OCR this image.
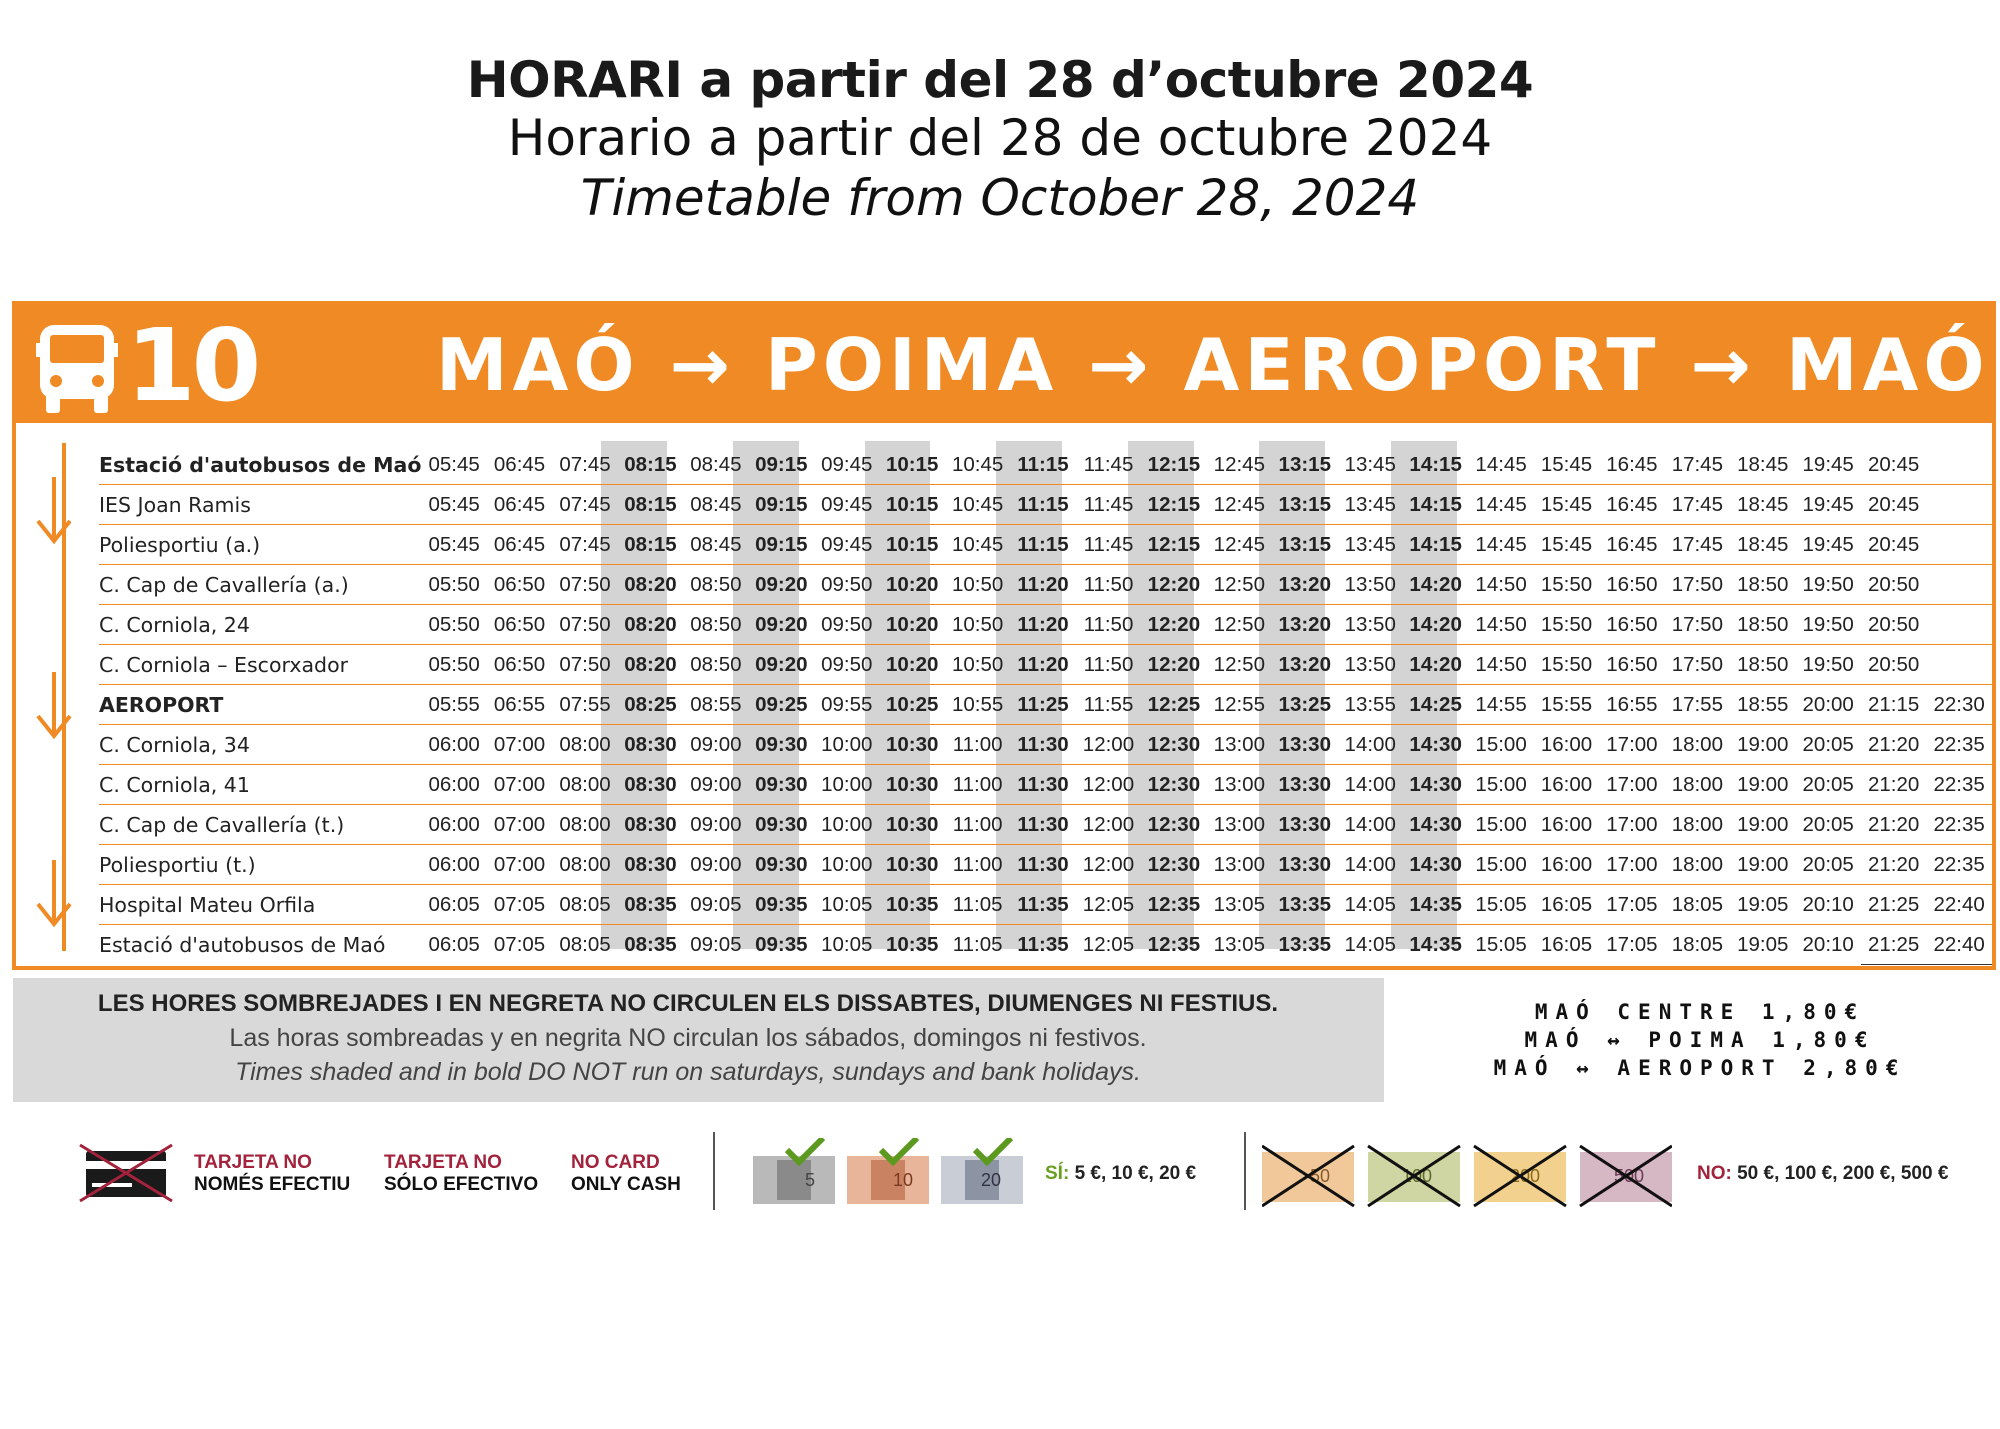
HORARI a partir del 28 d’octubre 2024
Horario a partir del 28 de octubre 2024
Timetable from October 28, 2024
10 MAÓ → POIMA → AEROPORT → MAÓ
Estació d'autobusos de Maó	05:45	06:45	07:45	08:15	08:45	09:15	09:45	10:15	10:45	11:15	11:45	12:15	12:45	13:15	13:45	14:15	14:45	15:45	16:45	17:45	18:45	19:45	20:45	
IES Joan Ramis	05:45	06:45	07:45	08:15	08:45	09:15	09:45	10:15	10:45	11:15	11:45	12:15	12:45	13:15	13:45	14:15	14:45	15:45	16:45	17:45	18:45	19:45	20:45	
Poliesportiu (a.)	05:45	06:45	07:45	08:15	08:45	09:15	09:45	10:15	10:45	11:15	11:45	12:15	12:45	13:15	13:45	14:15	14:45	15:45	16:45	17:45	18:45	19:45	20:45	
C. Cap de Cavallería (a.)	05:50	06:50	07:50	08:20	08:50	09:20	09:50	10:20	10:50	11:20	11:50	12:20	12:50	13:20	13:50	14:20	14:50	15:50	16:50	17:50	18:50	19:50	20:50	
C. Corniola, 24	05:50	06:50	07:50	08:20	08:50	09:20	09:50	10:20	10:50	11:20	11:50	12:20	12:50	13:20	13:50	14:20	14:50	15:50	16:50	17:50	18:50	19:50	20:50	
C. Corniola – Escorxador	05:50	06:50	07:50	08:20	08:50	09:20	09:50	10:20	10:50	11:20	11:50	12:20	12:50	13:20	13:50	14:20	14:50	15:50	16:50	17:50	18:50	19:50	20:50	
AEROPORT	05:55	06:55	07:55	08:25	08:55	09:25	09:55	10:25	10:55	11:25	11:55	12:25	12:55	13:25	13:55	14:25	14:55	15:55	16:55	17:55	18:55	20:00	21:15	22:30
C. Corniola, 34	06:00	07:00	08:00	08:30	09:00	09:30	10:00	10:30	11:00	11:30	12:00	12:30	13:00	13:30	14:00	14:30	15:00	16:00	17:00	18:00	19:00	20:05	21:20	22:35
C. Corniola, 41	06:00	07:00	08:00	08:30	09:00	09:30	10:00	10:30	11:00	11:30	12:00	12:30	13:00	13:30	14:00	14:30	15:00	16:00	17:00	18:00	19:00	20:05	21:20	22:35
C. Cap de Cavallería (t.)	06:00	07:00	08:00	08:30	09:00	09:30	10:00	10:30	11:00	11:30	12:00	12:30	13:00	13:30	14:00	14:30	15:00	16:00	17:00	18:00	19:00	20:05	21:20	22:35
Poliesportiu (t.)	06:00	07:00	08:00	08:30	09:00	09:30	10:00	10:30	11:00	11:30	12:00	12:30	13:00	13:30	14:00	14:30	15:00	16:00	17:00	18:00	19:00	20:05	21:20	22:35
Hospital Mateu Orfila	06:05	07:05	08:05	08:35	09:05	09:35	10:05	10:35	11:05	11:35	12:05	12:35	13:05	13:35	14:05	14:35	15:05	16:05	17:05	18:05	19:05	20:10	21:25	22:40
Estació d'autobusos de Maó	06:05	07:05	08:05	08:35	09:05	09:35	10:05	10:35	11:05	11:35	12:05	12:35	13:05	13:35	14:05	14:35	15:05	16:05	17:05	18:05	19:05	20:10	21:25	22:40
LES HORES SOMBREJADES I EN NEGRETA NO CIRCULEN ELS DISSABTES, DIUMENGES NI FESTIUS.
Las horas sombreadas y en negrita NO circulan los sábados, domingos ni festivos.
Times shaded and in bold DO NOT run on saturdays, sundays and bank holidays.
MAÓ CENTRE 1,80€
MAÓ ↔ POIMA 1,80€
MAÓ ↔ AEROPORT 2,80€
TARJETA NO
NOMÉS EFECTIU
TARJETA NO
SÓLO EFECTIVO
NO CARD
ONLY CASH	5	10	20 SÍ: 5 €, 10 €, 20 €	50	100	200	500	NO: 50 €, 100 €, 200 €, 500 €
